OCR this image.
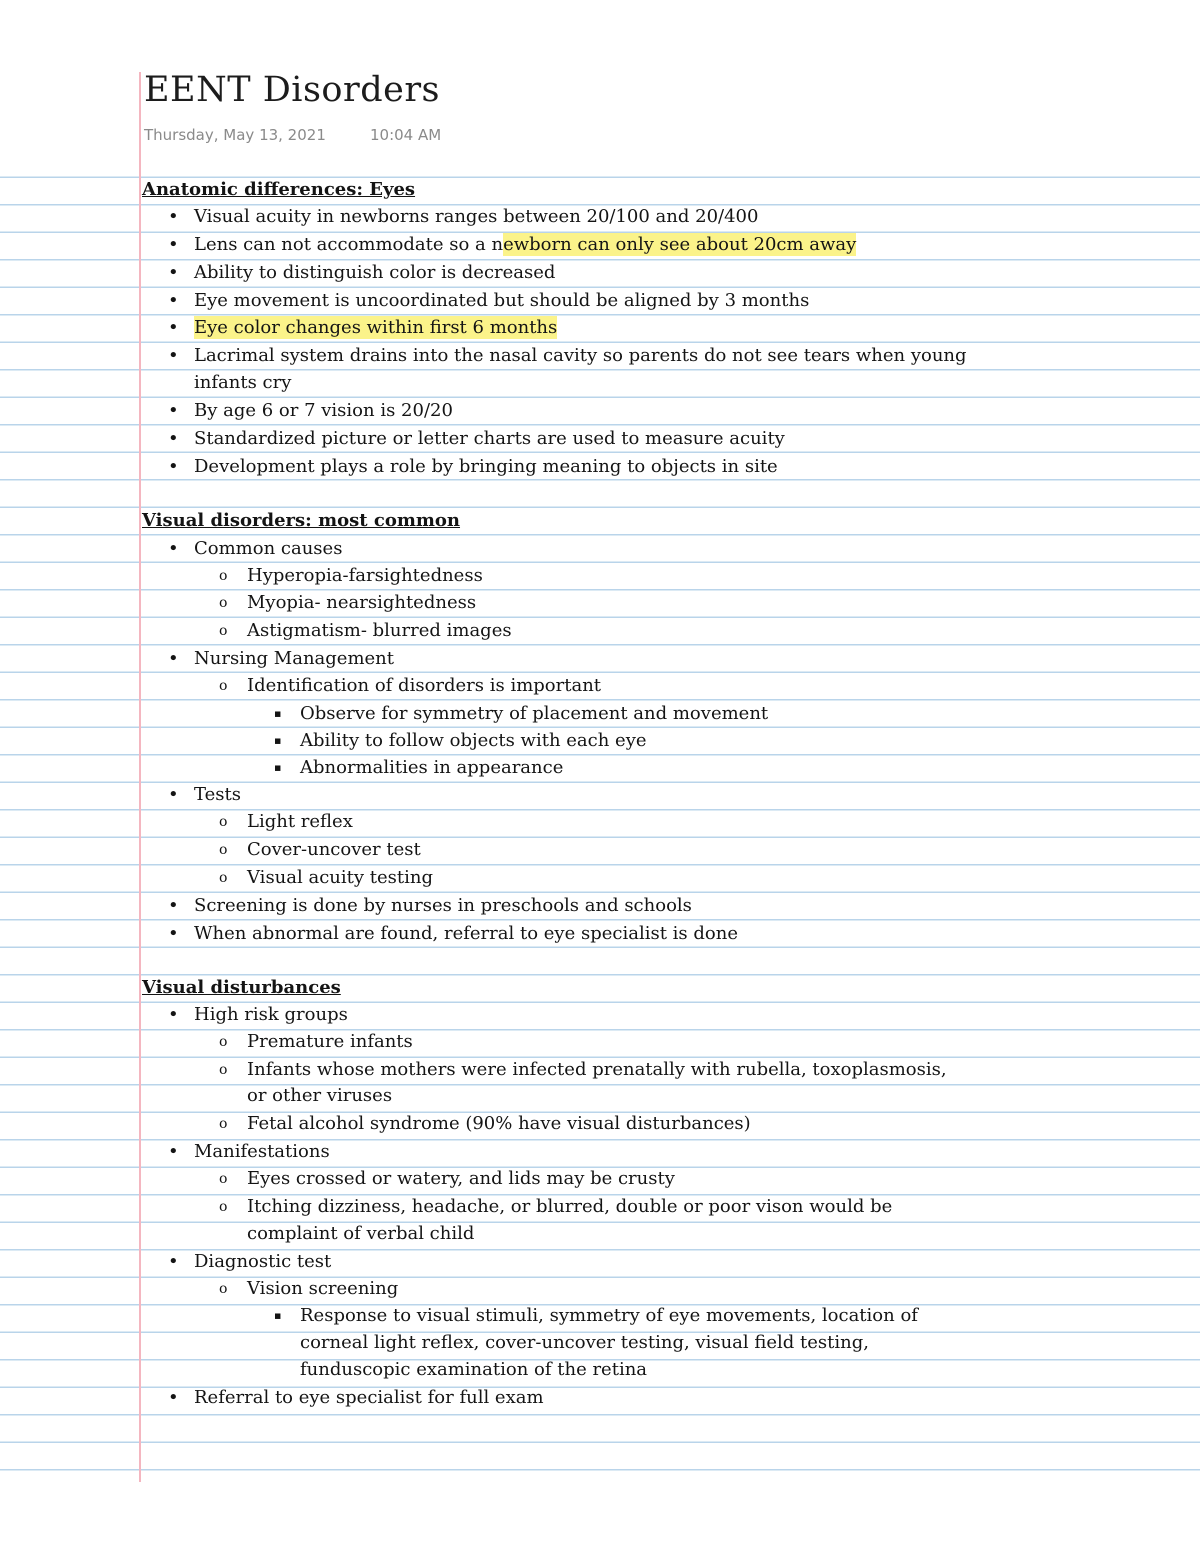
EENT Disorders
Thursday, May 13, 2021	10:04 AM
Anatomic differences: Eyes
• Visual acuity in newborns ranges between 20/100 and 20/400
• Lens can not accommodate so a newborn can only see about 20cm away
• Ability to distinguish color is decreased
• Eye movement is uncoordinated but should be aligned by 3 months
• Eye color changes within first 6 months
• Lacrimal system drains into the nasal cavity so parents do not see tears when young
infants cry
• By age 6 or 7 vision is 20/20
• Standardized picture or letter charts are used to measure acuity
• Development plays a role by bringing meaning to objects in site
Visual disorders: most common
• Common causes
o Hyperopia-farsightedness
o Myopia- nearsightedness
o Astigmatism- blurred images
• Nursing Management
o Identification of disorders is important
▪ Observe for symmetry of placement and movement
▪ Ability to follow objects with each eye
▪ Abnormalities in appearance
• Tests
o Light reflex
o Cover-uncover test
o Visual acuity testing
• Screening is done by nurses in preschools and schools
• When abnormal are found, referral to eye specialist is done
Visual disturbances
• High risk groups
o Premature infants
o Infants whose mothers were infected prenatally with rubella, toxoplasmosis,
or other viruses
o Fetal alcohol syndrome (90% have visual disturbances)
• Manifestations
o Eyes crossed or watery, and lids may be crusty
o Itching dizziness, headache, or blurred, double or poor vison would be
complaint of verbal child
• Diagnostic test
o Vision screening
▪ Response to visual stimuli, symmetry of eye movements, location of
corneal light reflex, cover-uncover testing, visual field testing,
funduscopic examination of the retina
• Referral to eye specialist for full exam
